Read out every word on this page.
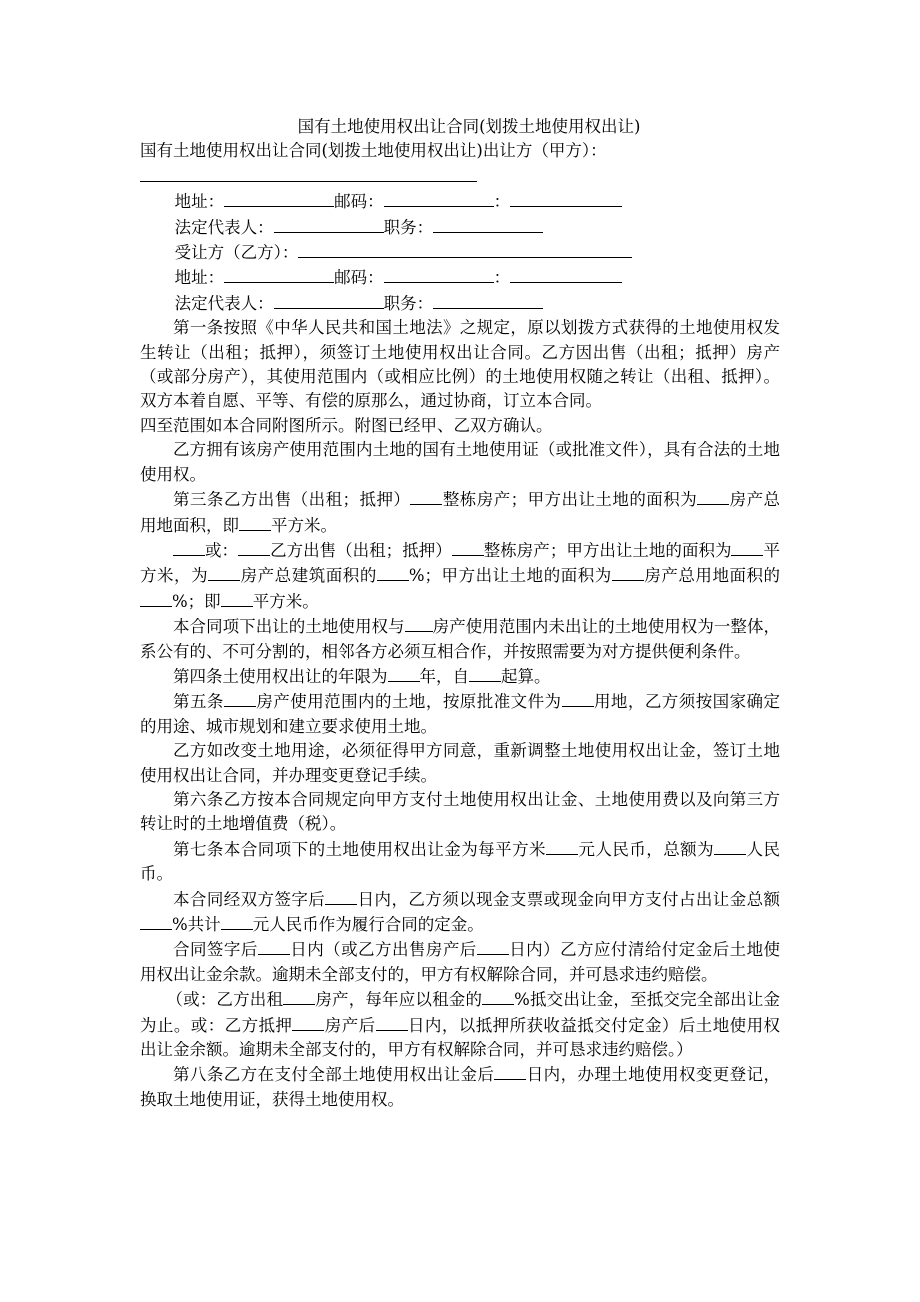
国有土地使用权出让合同(划拨土地使用权出让)

国有土地使用权出让合同(划拨土地使用权出让)出让方（甲方）：

地址：	邮码：	：

法定代表人：	职务：

受让方（乙方）：

地址：	邮码：	：

法定代表人：	职务：

第一条按照《中华人民共和国土地法》之规定，原以划拨方式获得的土地使用权发生转让（出租；抵押），须签订土地使用权出让合同。乙方因出售（出租；抵押）房产（或部分房产），其使用范围内（或相应比例）的土地使用权随之转让（出租、抵押）。双方本着自愿、平等、有偿的原那么，通过协商，订立本合同。

四至范围如本合同附图所示。附图已经甲、乙双方确认。

乙方拥有该房产使用范围内土地的国有土地使用证（或批准文件），具有合法的土地使用权。

第三条乙方出售（出租；抵押） 整栋房产；甲方出让土地的面积为 房产总用地面积，即 平方米。

或： 乙方出售（出租；抵押） 整栋房产；甲方出让土地的面积为 平方米，为 房产总建筑面积的 %；甲方出让土地的面积为 房产总用地面积的%；即 平方米。

本合同项下出让的土地使用权与 房产使用范围内未出让的土地使用权为一整体，系公有的、不可分割的，相邻各方必须互相合作，并按照需要为对方提供便利条件。

第四条土使用权出让的年限为 年，自 起算。

第五条 房产使用范围内的土地，按原批准文件为 用地，乙方须按国家确定的用途、城市规划和建立要求使用土地。

乙方如改变土地用途，必须征得甲方同意，重新调整土地使用权出让金，签订土地使用权出让合同，并办理变更登记手续。

第六条乙方按本合同规定向甲方支付土地使用权出让金、土地使用费以及向第三方转让时的土地增值费（税）。

第七条本合同项下的土地使用权出让金为每平方米 元人民币，总额为 人民币。

本合同经双方签字后 日内，乙方须以现金支票或现金向甲方支付占出让金总额%共计 元人民币作为履行合同的定金。

合同签字后 日内（或乙方出售房产后 日内）乙方应付清给付定金后土地使用权出让金余款。逾期未全部支付的，甲方有权解除合同，并可恳求违约赔偿。

（或：乙方出租 房产，每年应以租金的 %抵交出让金，至抵交完全部出让金为止。或：乙方抵押 房产后 日内，以抵押所获收益抵交付定金）后土地使用权出让金余额。逾期未全部支付的，甲方有权解除合同，并可恳求违约赔偿。）

第八条乙方在支付全部土地使用权出让金后 日内，办理土地使用权变更登记，换取土地使用证，获得土地使用权。
